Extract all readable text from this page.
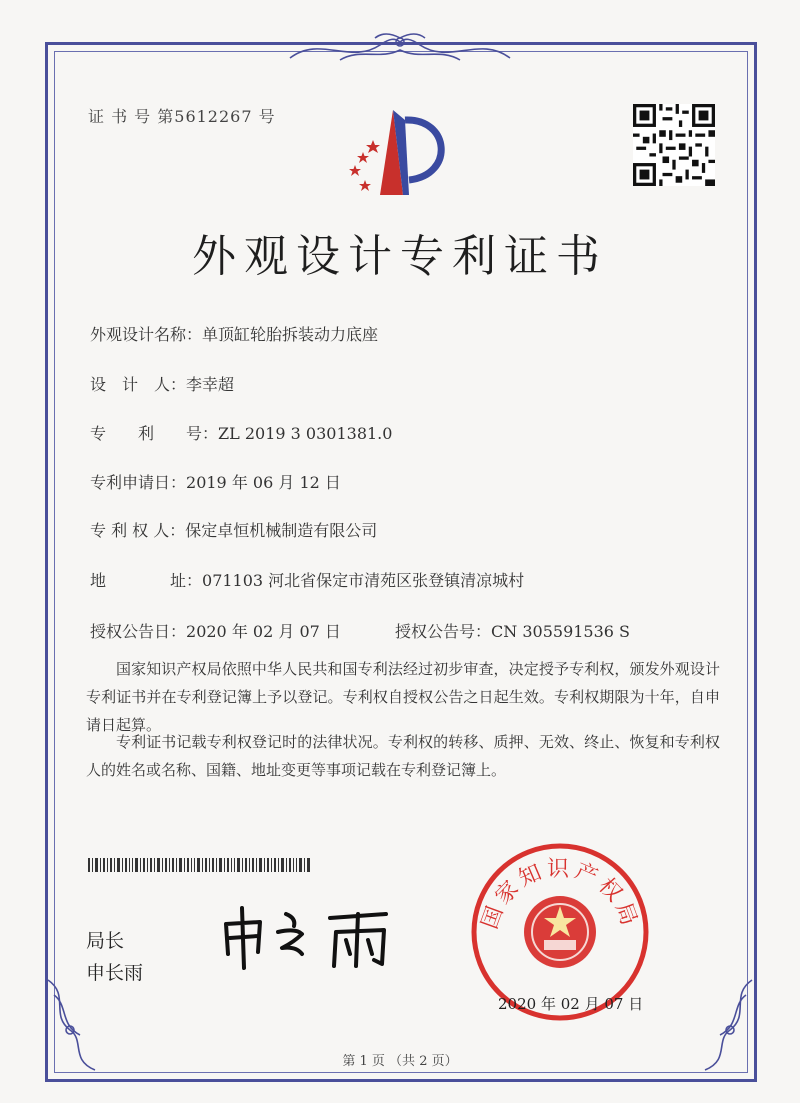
证 书 号 第5612267 号
外观设计专利证书
外观设计名称：单顶缸轮胎拆装动力底座
设　计　人：李幸超
专　　利　　号：ZL 2019 3 0301381.0
专利申请日：2019 年 06 月 12 日
专 利 权 人：保定卓恒机械制造有限公司
地　　　　址：071103 河北省保定市清苑区张登镇清凉城村
授权公告日：2020 年 02 月 07 日	授权公告号：CN 305591536 S
国家知识产权局依照中华人民共和国专利法经过初步审查，决定授予专利权，颁发外观设计专利证书并在专利登记簿上予以登记。专利权自授权公告之日起生效。专利权期限为十年，自申请日起算。
专利证书记载专利权登记时的法律状况。专利权的转移、质押、无效、终止、恢复和专利权人的姓名或名称、国籍、地址变更等事项记载在专利登记簿上。
局长
申长雨
国家知识产权局
2020 年 02 月 07 日
第 1 页 （共 2 页）
